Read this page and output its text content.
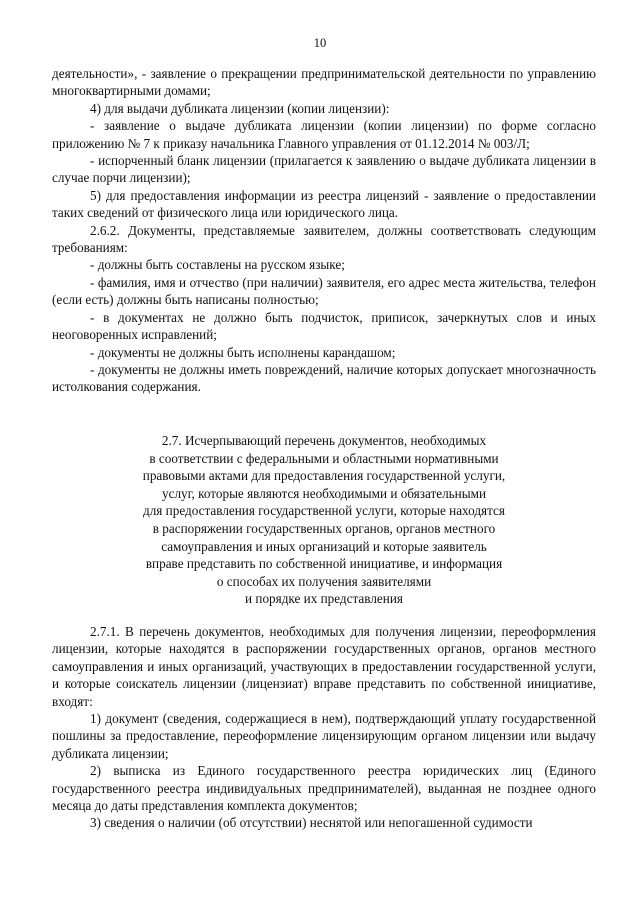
10

деятельности», - заявление о прекращении предпринимательской деятельности по управлению многоквартирными домами;

4) для выдачи дубликата лицензии (копии лицензии):

- заявление о выдаче дубликата лицензии (копии лицензии) по форме согласно приложению № 7 к приказу начальника Главного управления от 01.12.2014 № 003/Л;

- испорченный бланк лицензии (прилагается к заявлению о выдаче дубликата лицензии в случае порчи лицензии);

5) для предоставления информации из реестра лицензий - заявление о предоставлении таких сведений от физического лица или юридического лица.

2.6.2. Документы, представляемые заявителем, должны соответствовать следующим требованиям:

- должны быть составлены на русском языке;

- фамилия, имя и отчество (при наличии) заявителя, его адрес места жительства, телефон (если есть) должны быть написаны полностью;

- в документах не должно быть подчисток, приписок, зачеркнутых слов и иных неоговоренных исправлений;

- документы не должны быть исполнены карандашом;

- документы не должны иметь повреждений, наличие которых допускает многозначность истолкования содержания.

2.7. Исчерпывающий перечень документов, необходимых
в соответствии с федеральными и областными нормативными
правовыми актами для предоставления государственной услуги,
услуг, которые являются необходимыми и обязательными
для предоставления государственной услуги, которые находятся
в распоряжении государственных органов, органов местного
самоуправления и иных организаций и которые заявитель
вправе представить по собственной инициативе, и информация
о способах их получения заявителями
и порядке их представления

2.7.1. В перечень документов, необходимых для получения лицензии, переоформления лицензии, которые находятся в распоряжении государственных органов, органов местного самоуправления и иных организаций, участвующих в предоставлении государственной услуги, и которые соискатель лицензии (лицензиат) вправе представить по собственной инициативе, входят:

1) документ (сведения, содержащиеся в нем), подтверждающий уплату государственной пошлины за предоставление, переоформление лицензирующим органом лицензии или выдачу дубликата лицензии;

2) выписка из Единого государственного реестра юридических лиц (Единого государственного реестра индивидуальных предпринимателей), выданная не позднее одного месяца до даты представления комплекта документов;

3) сведения о наличии (об отсутствии) неснятой или непогашенной судимости
